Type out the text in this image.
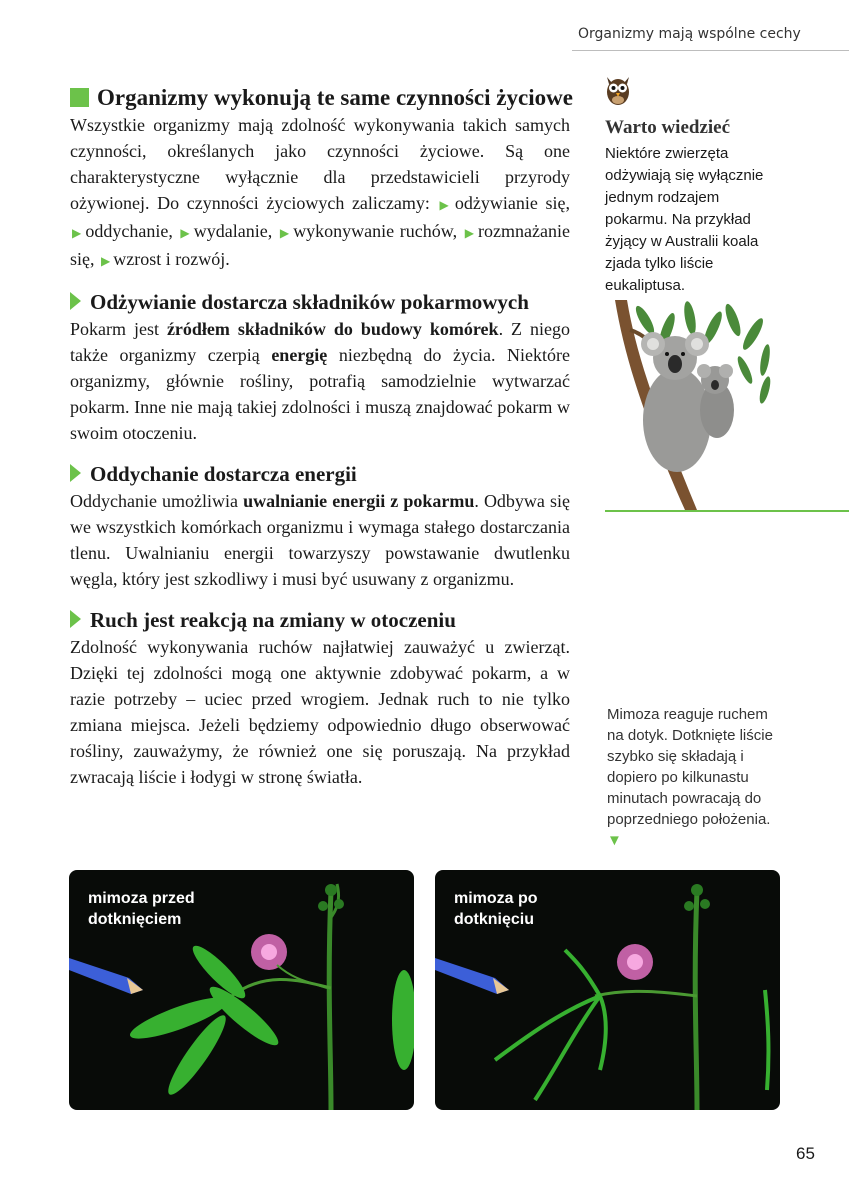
Organizmy mają wspólne cechy
Organizmy wykonują te same czynności życiowe

Wszystkie organizmy mają zdolność wykonywania takich samych czynności, określanych jako czynności życiowe. Są one charakterystyczne wyłącznie dla przedstawicieli przyrody ożywionej. Do czynności życiowych zaliczamy: ▶ odżywianie się, ▶ oddychanie, ▶ wydalanie, ▶ wykonywanie ruchów, ▶ rozmnażanie się, ▶ wzrost i rozwój.

Odżywianie dostarcza składników pokarmowych

Pokarm jest źródłem składników do budowy komórek. Z niego także organizmy czerpią energię niezbędną do życia. Niektóre organizmy, głównie rośliny, potrafią samodzielnie wytwarzać pokarm. Inne nie mają takiej zdolności i muszą znajdować pokarm w swoim otoczeniu.

Oddychanie dostarcza energii

Oddychanie umożliwia uwalnianie energii z pokarmu. Odbywa się we wszystkich komórkach organizmu i wymaga stałego dostarczania tlenu. Uwalnianiu energii towarzyszy powstawanie dwutlenku węgla, który jest szkodliwy i musi być usuwany z organizmu.

Ruch jest reakcją na zmiany w otoczeniu

Zdolność wykonywania ruchów najłatwiej zauważyć u zwierząt. Dzięki tej zdolności mogą one aktywnie zdobywać pokarm, a w razie potrzeby – uciec przed wrogiem. Jednak ruch to nie tylko zmiana miejsca. Jeżeli będziemy odpowiednio długo obserwować rośliny, zauważymy, że również one się poruszają. Na przykład zwracają liście i łodygi w stronę światła.

Warto wiedzieć

Niektóre zwierzęta odżywiają się wyłącznie jednym rodzajem pokarmu. Na przykład żyjący w Australii koala zjada tylko liście eukaliptusa.

Mimoza reaguje ruchem na dotyk. Dotknięte liście szybko się składają i dopiero po kilkunastu minutach powracają do poprzedniego położenia. ▼

mimoza przed dotknięciem
mimoza po dotknięciu
65
